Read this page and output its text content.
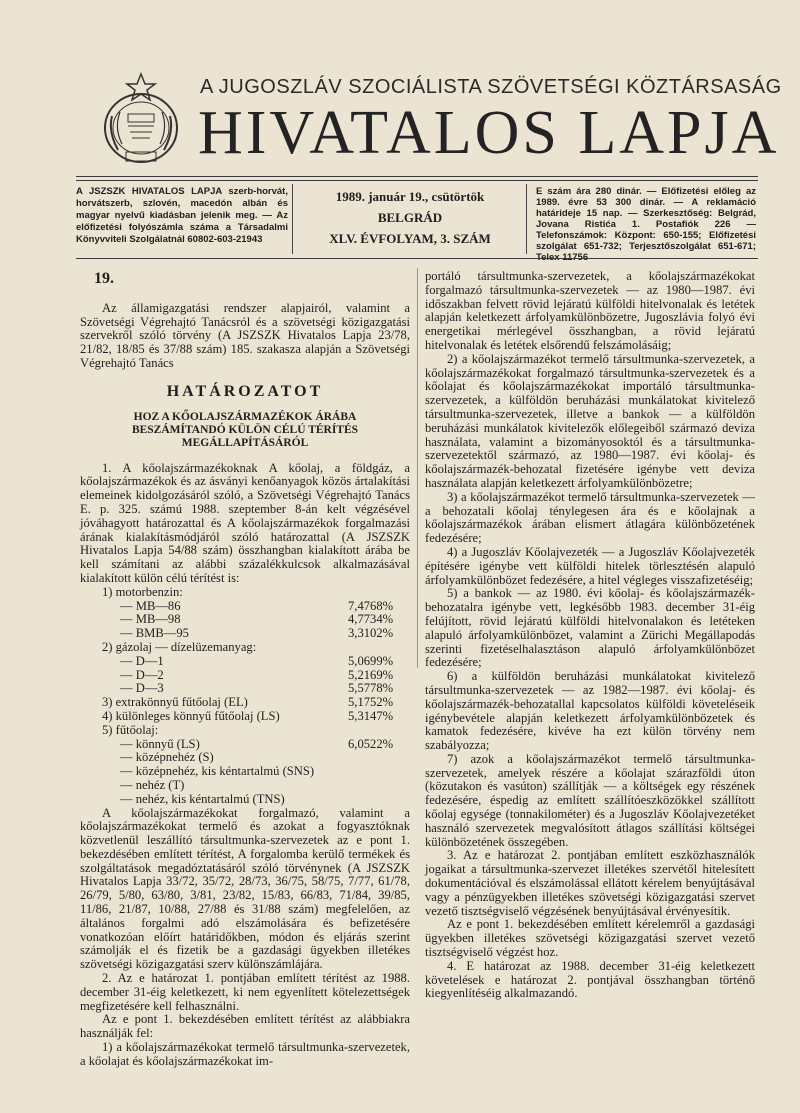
A JUGOSZLÁV SZOCIÁLISTA SZÖVETSÉGI KÖZTÁRSASÁG
HIVATALOS LAPJA
A JSZSZK HIVATALOS LAPJA szerb-horvát, horvátszerb, szlovén, macedón albán és magyar nyelvű kiadásban jelenik meg. — Az előfizetési folyószámla száma a Társadalmi Könyvviteli Szolgálatnál 60802-603-21943
1989. január 19., csütörtök
BELGRÁD
XLV. ÉVFOLYAM, 3. SZÁM
E szám ára 280 dinár. — Előfizetési előleg az 1989. évre 53 300 dinár. — A reklamáció határideje 15 nap. — Szerkesztőség: Belgrád, Jovana Ristića 1. Postafiók 226 — Telefonszámok: Központ: 650-155; Előfizetési szolgálat 651-732; Terjesztőszolgálat 651-671; Telex 11756
19.

Az államigazgatási rendszer alapjairól, valamint a Szövetségi Végrehajtó Tanácsról és a szövetségi közigazgatási szervekről szóló törvény (A JSZSZK Hivatalos Lapja 23/78, 21/82, 18/85 és 37/88 szám) 185. szakasza alapján a Szövetségi Végrehajtó Tanács

HATÁROZATOT
HOZ A KŐOLAJSZÁRMAZÉKOK ÁRÁBA BESZÁMÍTANDÓ KÜLÖN CÉLÚ TÉRÍTÉS MEGÁLLAPÍTÁSÁRÓL

1. A kőolajszármazékoknak A kőolaj, a földgáz, a kőolajszármazékok és az ásványi kenőanyagok közös ártalakítási elemeinek kidolgozásáról szóló, a Szövetségi Végrehajtó Tanács E. p. 325. számú 1988. szeptember 8-án kelt végzésével jóváhagyott határozattal és A kőolajszármazékok forgalmazási árának kialakításmódjáról szóló határozattal (A JSZSZK Hivatalos Lapja 54/88 szám) összhangban kialakított árába be kell számítani az alábbi százalékkulcsok alkalmazásával kialakított külön célú térítést is:

1) motorbenzin:
— MB—86	7,4768%
— MB—98	4,7734%
— BMB—95	3,3102%
2) gázolaj — dízelüzemanyag:
— D—1	5,0699%
— D—2	5,2169%
— D—3	5,5778%
3) extrakönnyű fűtőolaj (EL)	5,1752%
4) különleges könnyű fűtőolaj (LS)	5,3147%
5) fűtőolaj:
— könnyű (LS)	6,0522%
— középnehéz (S)
— középnehéz, kis kéntartalmú (SNS)
— nehéz (T)
— nehéz, kis kéntartalmú (TNS)

A kőolajszármazékokat forgalmazó, valamint a kőolajszármazékokat termelő és azokat a fogyasztóknak közvetlenül leszállító társultmunka-szervezetek az e pont 1. bekezdésében említett térítést, A forgalomba kerülő termékek és szolgáltatások megadóztatásáról szóló törvénynek (A JSZSZK Hivatalos Lapja 33/72, 35/72, 28/73, 36/75, 58/75, 7/77, 61/78, 26/79, 5/80, 63/80, 3/81, 23/82, 15/83, 66/83, 71/84, 39/85, 11/86, 21/87, 10/88, 27/88 és 31/88 szám) megfelelően, az általános forgalmi adó elszámolására és befizetésére vonatkozóan előírt határidőkben, módon és eljárás szerint számolják el és fizetik be a gazdasági ügyekben illetékes szövetségi közigazgatási szerv különszámlájára.

2. Az e határozat 1. pontjában említett térítést az 1988. december 31-éig keletkezett, ki nem egyenlített kötelezettségek megfizetésére kell felhasználni.

Az e pont 1. bekezdésében említett térítést az alábbiakra használják fel:

1) a kőolajszármazékokat termelő társultmunka-szervezetek, a kőolajat és kőolajszármazékokat im-

portáló társultmunka-szervezetek, a kőolajszármazékokat forgalmazó társultmunka-szervezetek — az 1980—1987. évi időszakban felvett rövid lejáratú külföldi hitelvonalak és letétek alapján keletkezett árfolyamkülönbözetre, Jugoszlávia folyó évi energetikai mérlegével összhangban, a rövid lejáratú hitelvonalak és letétek elsőrendű felszámolásáig;

2) a kőolajszármazékot termelő társultmunka-szervezetek, a kőolajszármazékokat forgalmazó társultmunka-szervezetek és a kőolajat és kőolajszármazékokat importáló társultmunka-szervezetek, a külföldön beruházási munkálatokat kivitelező társultmunka-szervezetek, illetve a bankok — a külföldön beruházási munkálatok kivitelezők előlegeiből származó deviza használata, valamint a bizományosoktól és a társultmunka-szervezetektől származó, az 1980—1987. évi kőolaj- és kőolajszármazék-behozatal fizetésére igénybe vett deviza használata alapján keletkezett árfolyamkülönbözetre;

3) a kőolajszármazékot termelő társultmunka-szervezetek — a behozatali kőolaj ténylegesen ára és e kőolajnak a kőolajszármazékok árában elismert átlagára különbözetének fedezésére;

4) a Jugoszláv Kőolajvezeték — a Jugoszláv Kőolajvezeték építésére igénybe vett külföldi hitelek törlesztésén alapuló árfolyamkülönbözet fedezésére, a hitel végleges visszafizetéséig;

5) a bankok — az 1980. évi kőolaj- és kőolajszármazék-behozatalra igénybe vett, legkésőbb 1983. december 31-éig felújított, rövid lejáratú külföldi hitelvonalakon és letéteken alapuló árfolyamkülönbözet, valamint a Zürichi Megállapodás szerinti fizetéselhalasztáson alapuló árfolyamkülönbözet fedezésére;

6) a külföldön beruházási munkálatokat kivitelező társultmunka-szervezetek — az 1982—1987. évi kőolaj- és kőolajszármazék-behozatallal kapcsolatos külföldi követeléseik igénybevétele alapján keletkezett árfolyamkülönbözetek és kamatok fedezésére, kivéve ha ezt külön törvény nem szabályozza;

7) azok a kőolajszármazékot termelő társultmunka-szervezetek, amelyek részére a kőolajat szárazföldi úton (közutakon és vasúton) szállítják — a költségek egy részének fedezésére, éspedig az említett szállítóeszközökkel szállított kőolaj egysége (tonnakilométer) és a Jugoszláv Kőolajvezetéket használó szervezetek megvalósított átlagos szállítási költségei különbözetének összegében.

3. Az e határozat 2. pontjában említett eszközhasználók jogaikat a társultmunka-szervezet illetékes szervétől hitelesített dokumentációval és elszámolással ellátott kérelem benyújtásával vagy a pénzügyekben illetékes szövetségi közigazgatási szervet vezető tisztségviselő végzésének benyújtásával érvényesítik.

Az e pont 1. bekezdésében említett kérelemről a gazdasági ügyekben illetékes szövetségi közigazgatási szervet vezető tisztségviselő végzést hoz.

4. E határozat az 1988. december 31-éig keletkezett követelések e határozat 2. pontjával összhangban történő kiegyenlítéséig alkalmazandó.
